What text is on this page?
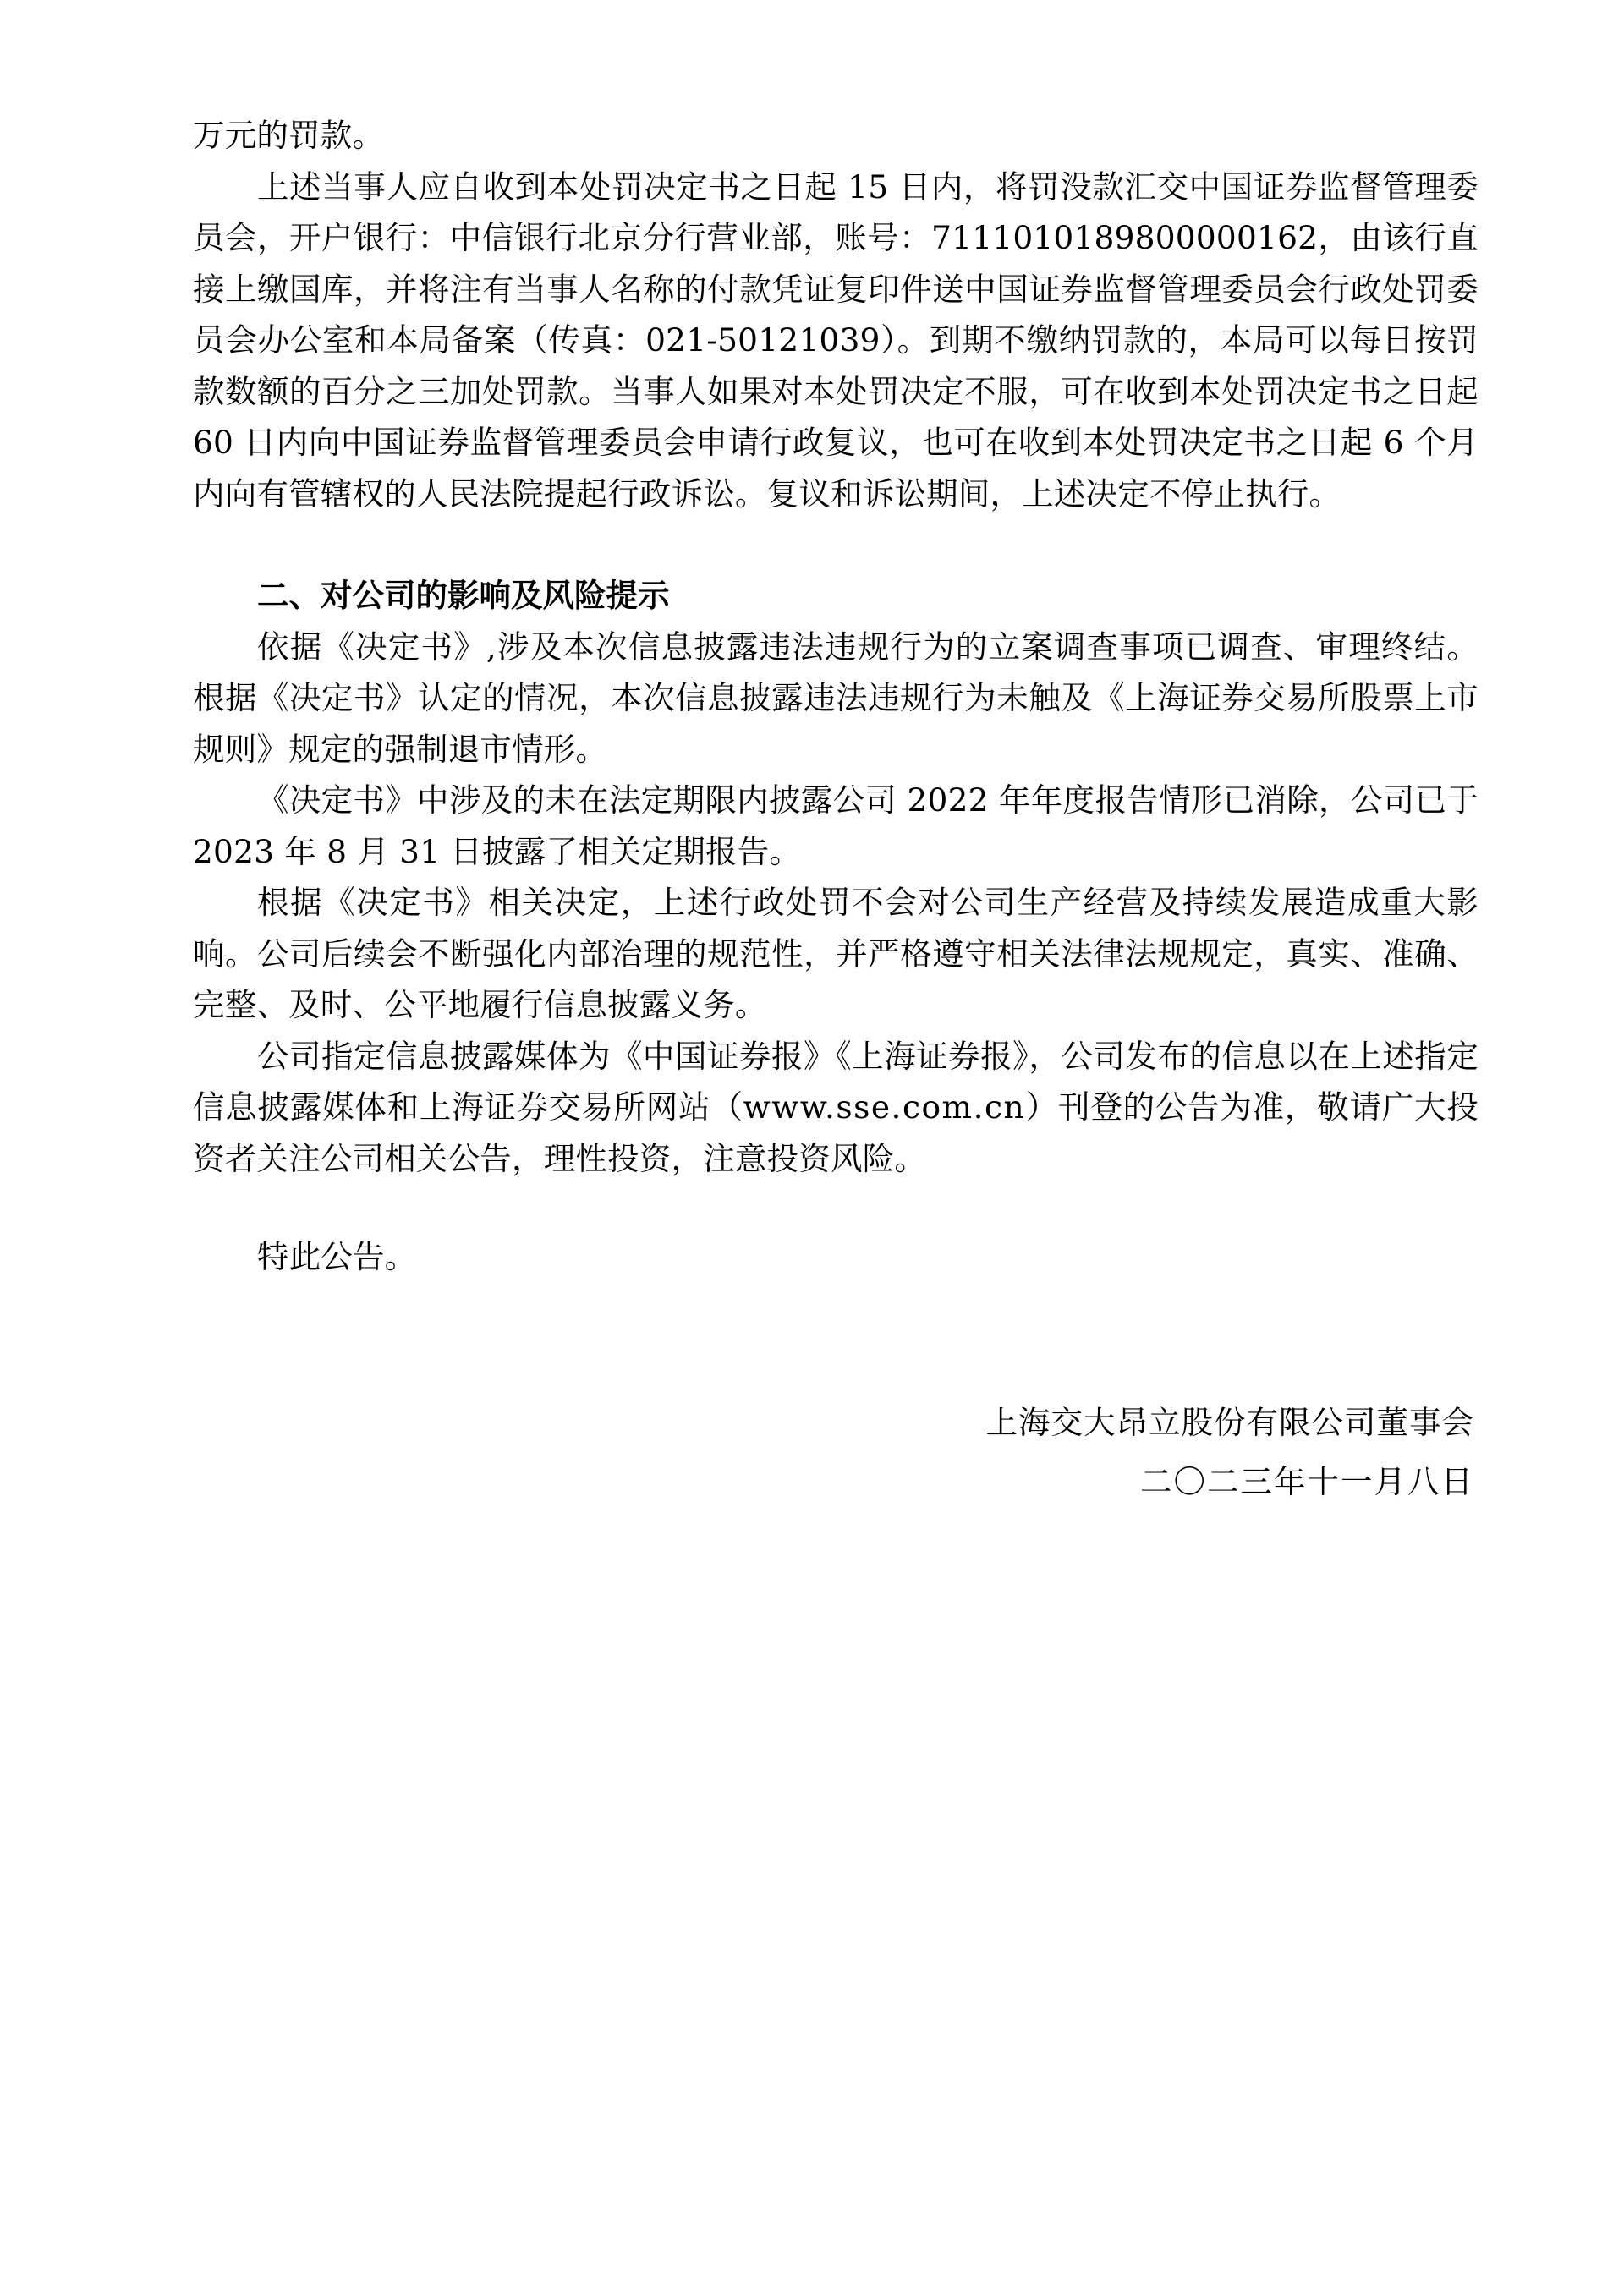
万元的罚款。

上述当事人应自收到本处罚决定书之日起 15 日内，将罚没款汇交中国证券监督管理委员会，开户银行：中信银行北京分行营业部，账号：7111010189800000162，由该行直接上缴国库，并将注有当事人名称的付款凭证复印件送中国证券监督管理委员会行政处罚委员会办公室和本局备案（传真：021-50121039）。到期不缴纳罚款的，本局可以每日按罚款数额的百分之三加处罚款。当事人如果对本处罚决定不服，可在收到本处罚决定书之日起 60 日内向中国证券监督管理委员会申请行政复议，也可在收到本处罚决定书之日起 6 个月内向有管辖权的人民法院提起行政诉讼。复议和诉讼期间，上述决定不停止执行。

二、对公司的影响及风险提示

依据《决定书》,涉及本次信息披露违法违规行为的立案调查事项已调查、审理终结。根据《决定书》认定的情况，本次信息披露违法违规行为未触及《上海证券交易所股票上市规则》规定的强制退市情形。

《决定书》中涉及的未在法定期限内披露公司 2022 年年度报告情形已消除，公司已于 2023 年 8 月 31 日披露了相关定期报告。

根据《决定书》相关决定，上述行政处罚不会对公司生产经营及持续发展造成重大影响。公司后续会不断强化内部治理的规范性，并严格遵守相关法律法规规定，真实、准确、完整、及时、公平地履行信息披露义务。

公司指定信息披露媒体为《中国证券报》《上海证券报》，公司发布的信息以在上述指定信息披露媒体和上海证券交易所网站（www.sse.com.cn）刊登的公告为准，敬请广大投资者关注公司相关公告，理性投资，注意投资风险。

特此公告。

上海交大昂立股份有限公司董事会
二〇二三年十一月八日
